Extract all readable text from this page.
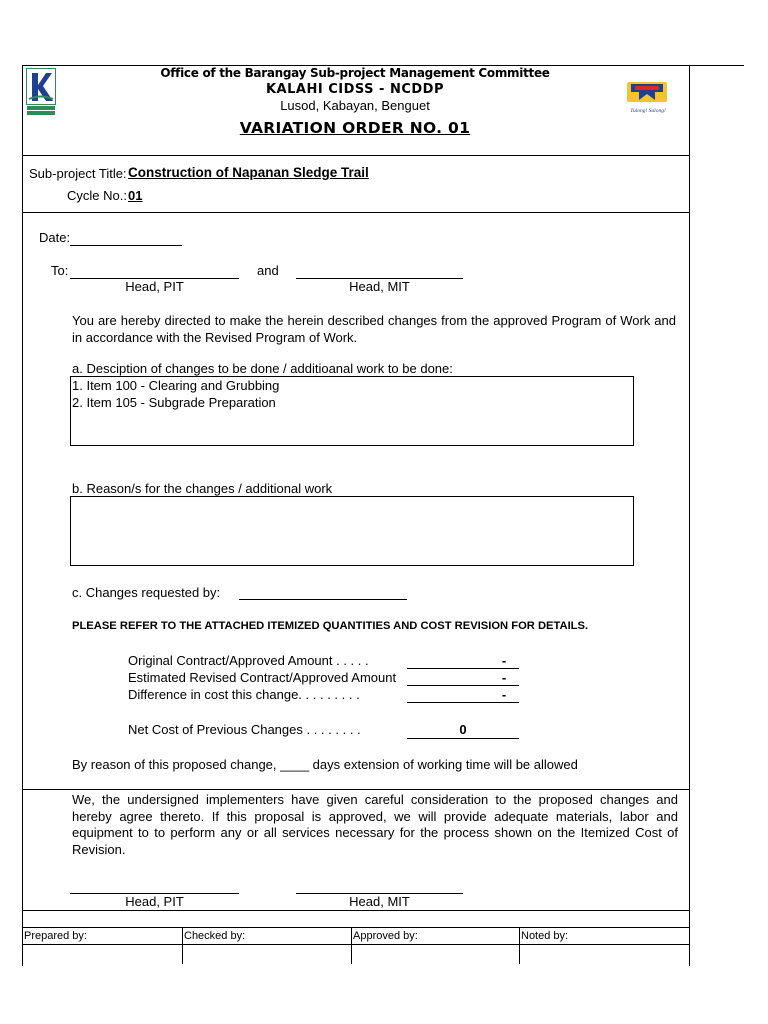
Tulong! Sulong!
Office of the Barangay Sub-project Management Committee
KALAHI CIDSS - NCDDP
Lusod, Kabayan, Benguet
VARIATION ORDER NO. 01
Sub-project Title: Construction of Napanan Sledge Trail
Cycle No.: 01
Date:
To:	and
Head, PIT	Head, MIT
You are hereby directed to make the herein described changes from the approved Program of Work and in accordance with the Revised Program of Work.
a. Desciption of changes to be done / additioanal work to be done:
1. Item 100 - Clearing and Grubbing
2. Item 105 - Subgrade Preparation
b. Reason/s for the changes / additional work
c. Changes requested by:
PLEASE REFER TO THE ATTACHED ITEMIZED QUANTITIES AND COST REVISION FOR DETAILS.
Original Contract/Approved Amount . . . . .	-
Estimated Revised Contract/Approved Amount	-
Difference in cost this change. . . . . . . . .	-
Net Cost of Previous Changes . . . . . . . .	0
By reason of this proposed change, ____ days extension of working time will be allowed
We, the undersigned implementers have given careful consideration to the proposed changes and hereby agree thereto. If this proposal is approved, we will provide adequate materials, labor and equipment to to perform any or all services necessary for the process shown on the Itemized Cost of Revision.
Head, PIT	Head, MIT
Prepared by:	Checked by:	Approved by:	Noted by:
